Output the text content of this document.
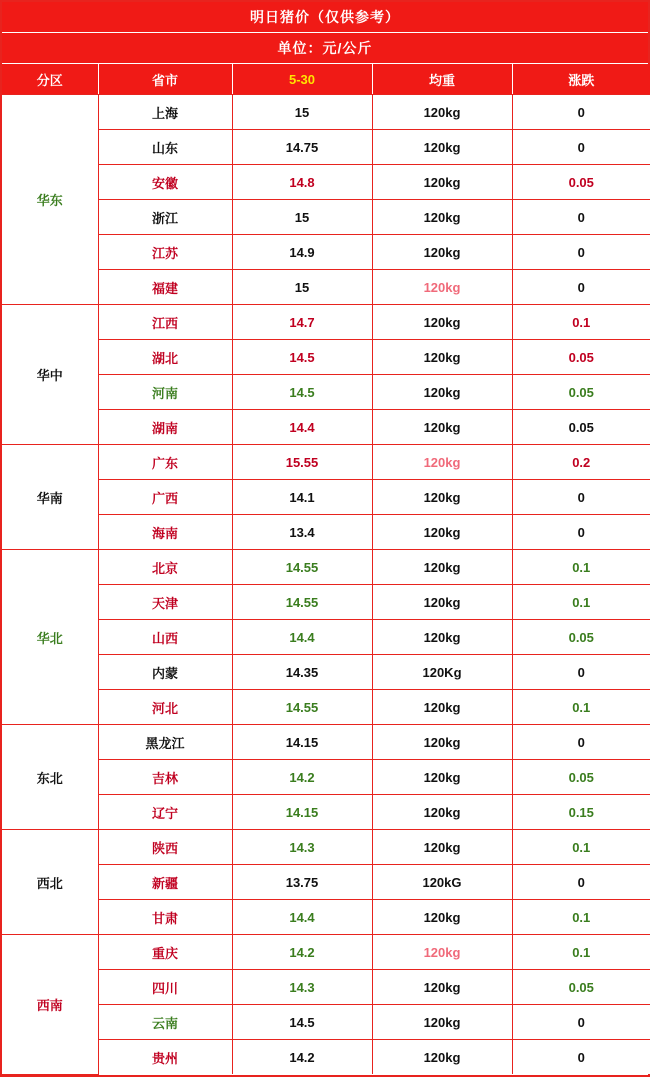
明日猪价（仅供参考）
单位：元/公斤
分区	省市	5-30	均重	涨跌
华东	上海	15	120kg	0
	山东	14.75	120kg	0
	安徽	14.8	120kg	0.05
	浙江	15	120kg	0
	江苏	14.9	120kg	0
	福建	15	120kg	0
华中	江西	14.7	120kg	0.1
	湖北	14.5	120kg	0.05
	河南	14.5	120kg	0.05
	湖南	14.4	120kg	0.05
华南	广东	15.55	120kg	0.2
	广西	14.1	120kg	0
	海南	13.4	120kg	0
华北	北京	14.55	120kg	0.1
	天津	14.55	120kg	0.1
	山西	14.4	120kg	0.05
	内蒙	14.35	120Kg	0
	河北	14.55	120kg	0.1
东北	黑龙江	14.15	120kg	0
	吉林	14.2	120kg	0.05
	辽宁	14.15	120kg	0.15
西北	陕西	14.3	120kg	0.1
	新疆	13.75	120kG	0
	甘肃	14.4	120kg	0.1
西南	重庆	14.2	120kg	0.1
	四川	14.3	120kg	0.05
	云南	14.5	120kg	0
	贵州	14.2	120kg	0
